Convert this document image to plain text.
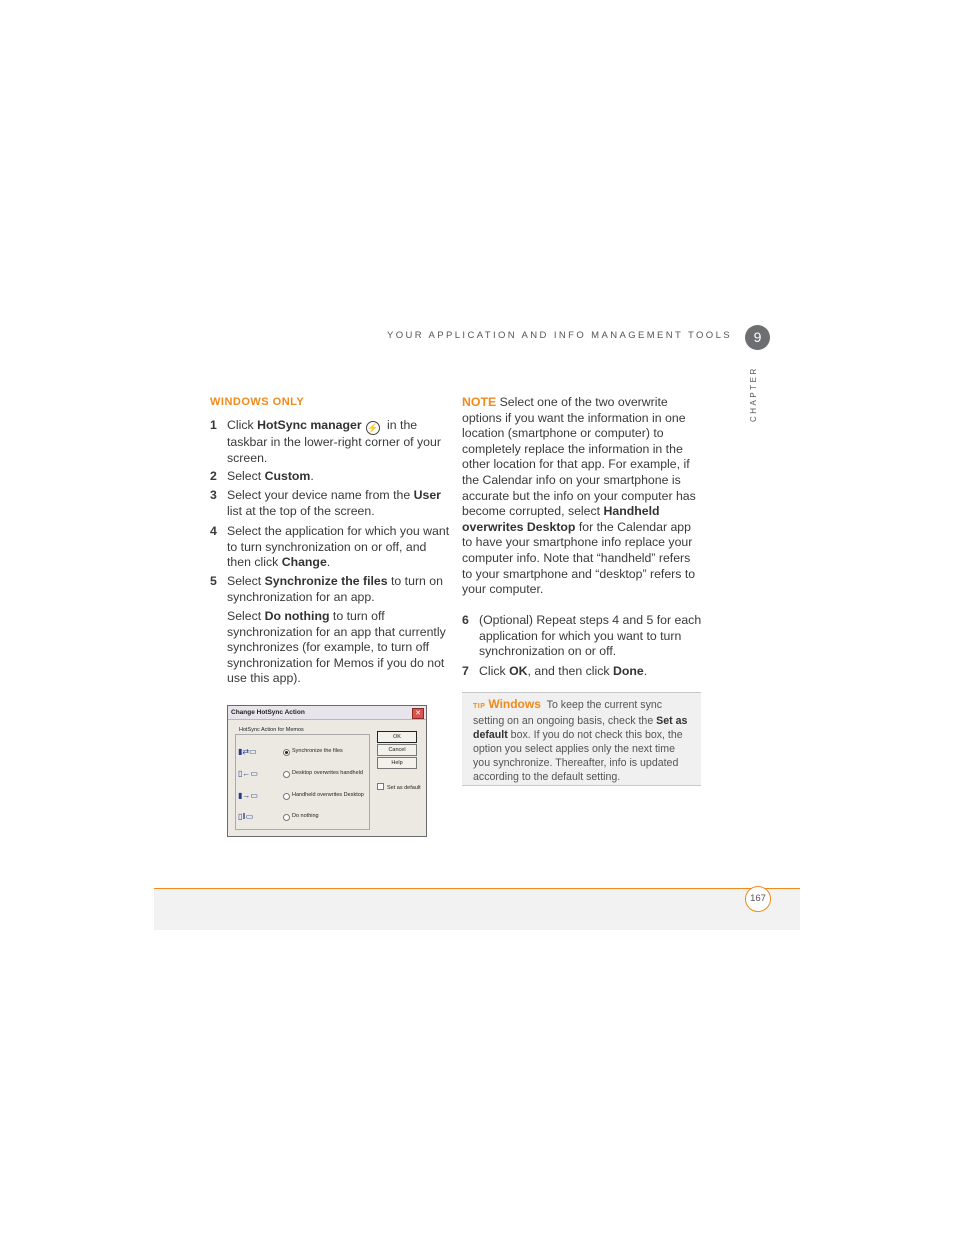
YOUR APPLICATION AND INFO MANAGEMENT TOOLS	9
CHAPTER
WINDOWS ONLY
1 Click HotSync manager ⚡ in the taskbar in the lower-right corner of your screen.
2 Select Custom.
3 Select your device name from the User list at the top of the screen.
4 Select the application for which you want to turn synchronization on or off, and then click Change.
5 Select Synchronize the files to turn on synchronization for an app.
Select Do nothing to turn off synchronization for an app that currently synchronizes (for example, to turn off synchronization for Memos if you do not use this app).
Change HotSync Action	✕
HotSync Action for Memos
▮⇄▭	Synchronize the files
▯←▭	Desktop overwrites handheld
▮→▭	Handheld overwrites Desktop
▯‖▭	Do nothing
OK
Cancel
Help
Set as default
NOTE Select one of the two overwrite options if you want the information in one location (smartphone or computer) to completely replace the information in the other location for that app. For example, if the Calendar info on your smartphone is accurate but the info on your computer has become corrupted, select Handheld overwrites Desktop for the Calendar app to have your smartphone info replace your computer info. Note that “handheld” refers to your smartphone and “desktop” refers to your computer.
6 (Optional) Repeat steps 4 and 5 for each application for which you want to turn synchronization on or off.
7 Click OK, and then click Done.
TIP Windows To keep the current sync setting on an ongoing basis, check the Set as default box. If you do not check this box, the option you select applies only the next time you synchronize. Thereafter, info is updated according to the default setting.
167
